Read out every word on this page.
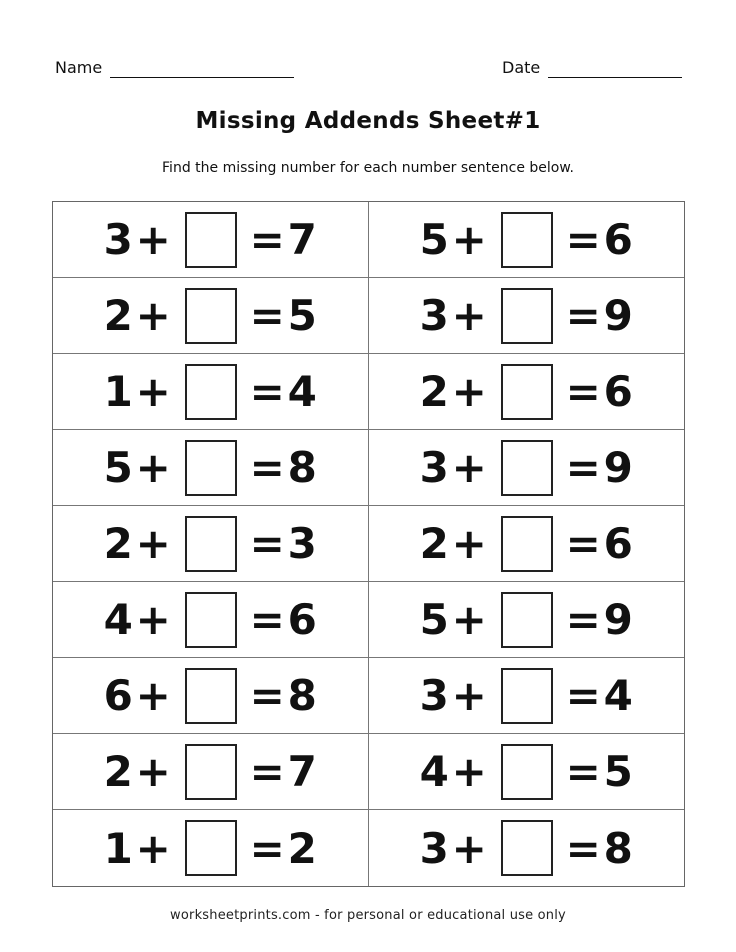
Name	Date
Missing Addends Sheet#1
Find the missing number for each number sentence below.
3 + = 7 5 + = 6
2 + = 5 3 + = 9
1 + = 4 2 + = 6
5 + = 8 3 + = 9
2 + = 3 2 + = 6
4 + = 6 5 + = 9
6 + = 8 3 + = 4
2 + = 7 4 + = 5
1 + = 2 3 + = 8
worksheetprints.com - for personal or educational use only
